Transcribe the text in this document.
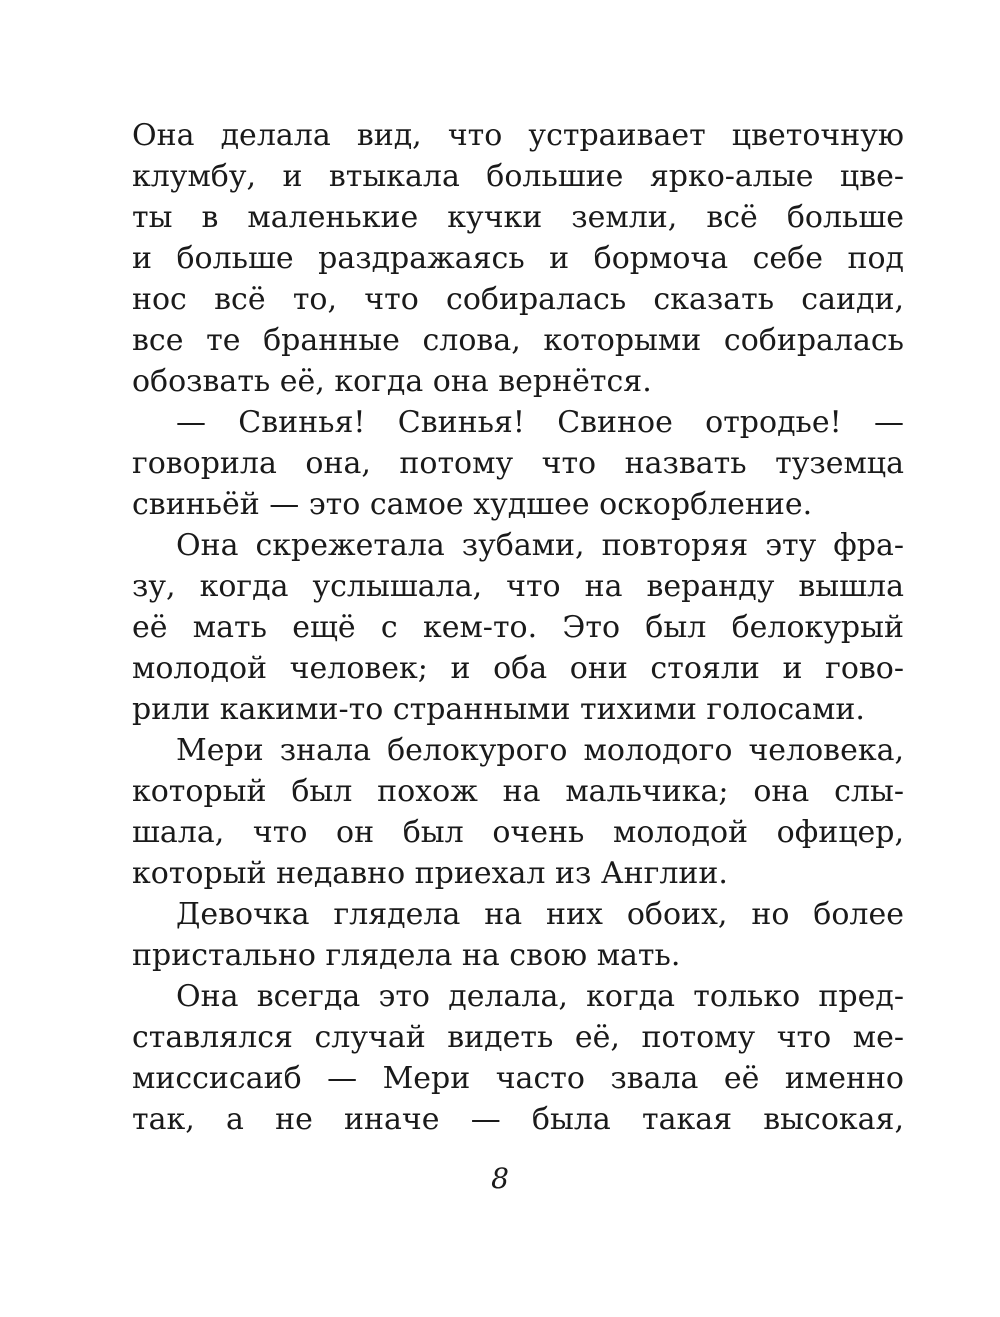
Она делала вид, что устраивает цветочную
клумбу, и втыкала большие ярко-алые цве-
ты в маленькие кучки земли, всё больше
и больше раздражаясь и бормоча себе под
нос всё то, что собиралась сказать саиди,
все те бранные слова, которыми собиралась
обозвать её, когда она вернётся.
— Свинья! Свинья! Свиное отродье! —
говорила она, потому что назвать туземца
свиньёй — это самое худшее оскорбление.
Она скрежетала зубами, повторяя эту фра-
зу, когда услышала, что на веранду вышла
её мать ещё с кем-то. Это был белокурый
молодой человек; и оба они стояли и гово-
рили какими-то странными тихими голосами.
Мери знала белокурого молодого человека,
который был похож на мальчика; она слы-
шала, что он был очень молодой офицер,
который недавно приехал из Англии.
Девочка глядела на них обоих, но более
пристально глядела на свою мать.
Она всегда это делала, когда только пред-
ставлялся случай видеть её, потому что ме-
миссисаиб — Мери часто звала её именно
так, а не иначе — была такая высокая,
8
